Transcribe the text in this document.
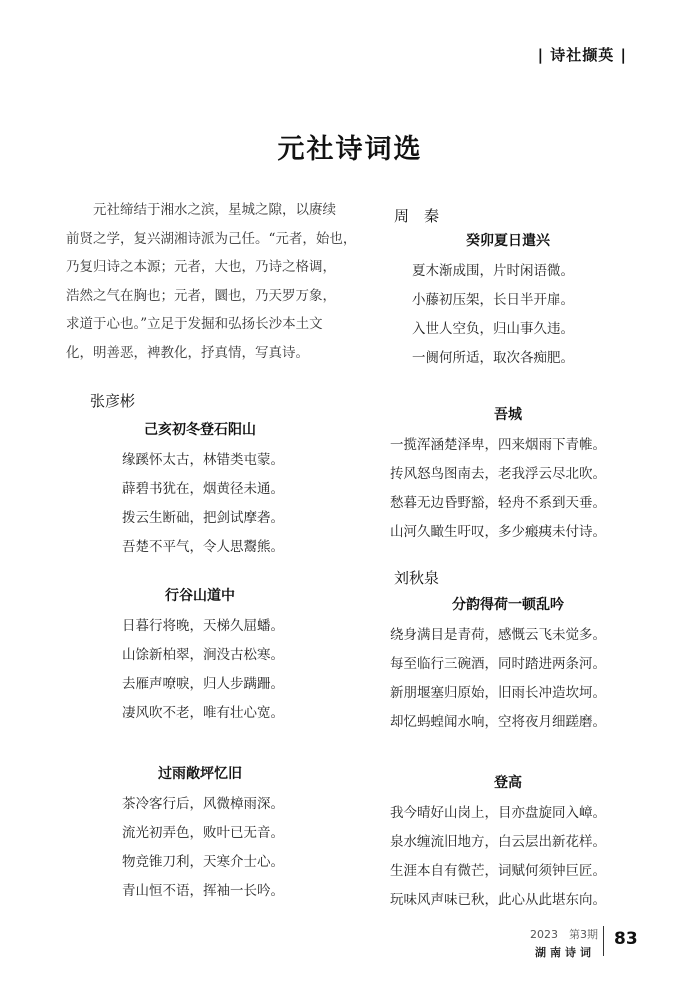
| 诗社撷英 |
元社诗词选
　　元社缔结于湘水之滨，星城之隙，以赓续
前贤之学，复兴湖湘诗派为己任。“元者，始也，
乃复归诗之本源；元者，大也，乃诗之格调，
浩然之气在胸也；元者，圜也，乃天罗万象，
求道于心也。”立足于发掘和弘扬长沙本土文
化，明善恶，裨教化，抒真情，写真诗。
张彦彬
己亥初冬登石阳山

缘蹊怀太古，林错类屯蒙。

薜碧书犹在，烟黄径未通。

拨云生断础，把剑试摩砻。

吾楚不平气，令人思鬻熊。

行谷山道中

日暮行将晚，天梯久屈蟠。

山馀新柏翠，涧没古松寒。

去雁声嘹唳，归人步蹒跚。

凄风吹不老，唯有壮心宽。

过雨敞坪忆旧

茶冷客行后，风微樟雨深。

流光初弄色，败叶已无音。

物竞锥刀利，天寒介士心。

青山恒不语，挥袖一长吟。

周　秦
癸卯夏日遣兴

夏木渐成围，片时闲语微。

小藤初压架，长日半开扉。

入世人空负，归山事久违。

一阓何所适，取次各痴肥。

吾城

一揽浑涵楚泽卑，四来烟雨下青帷。

抟风怒鸟图南去，老我浮云尽北吹。

愁暮无边昏野豁，轻舟不系到天垂。

山河久瞰生吁叹，多少瘢痍未付诗。

刘秋泉
分韵得荷一顿乱吟

绕身满目是青荷，感慨云飞未觉多。

每至临行三碗酒，同时踏进两条河。

新朋堰塞归原始，旧雨长冲造坎坷。

却忆蚂蝗闻水响，空将夜月细蹉磨。

登高

我今晴好山岗上，目亦盘旋同入嶂。

泉水缠流旧地方，白云层出新花样。

生涯本自有微芒，词赋何须钟巨匠。

玩味风声味已秋，此心从此堪东向。

2023　第3期
湖南诗词
83
